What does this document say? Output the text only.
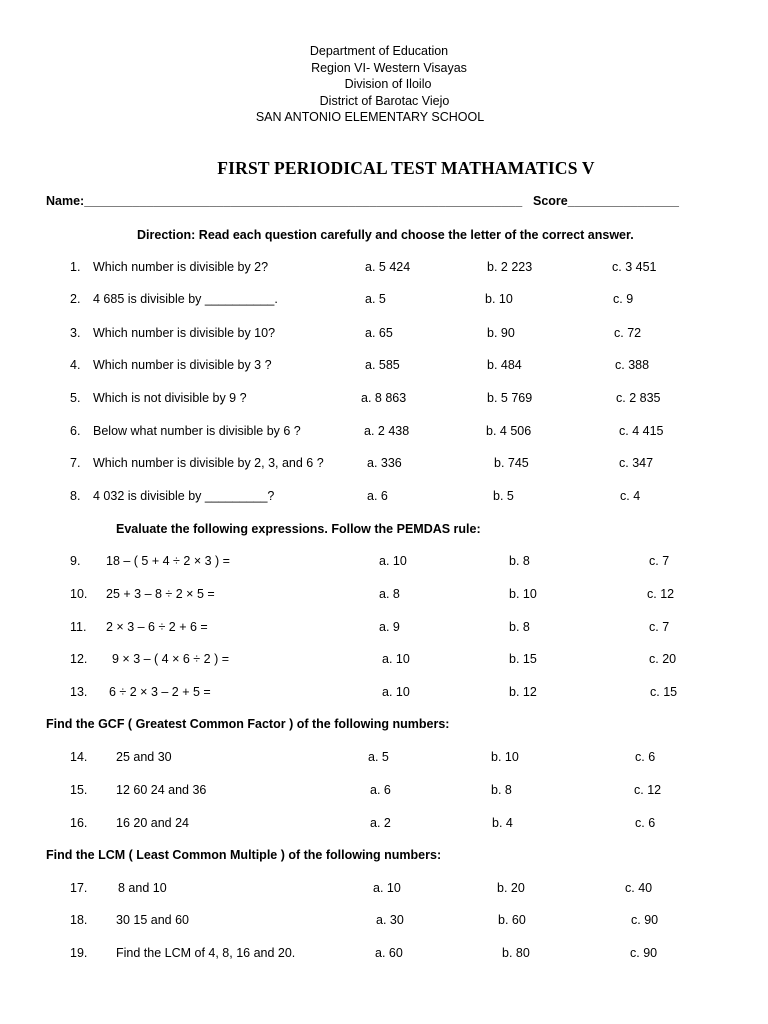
Department of Education
Region VI- Western Visayas
Division of Iloilo
District of Barotac Viejo
SAN ANTONIO ELEMENTARY SCHOOL
FIRST PERIODICAL TEST MATHAMATICS V
Name:_______________________________________________________________ Score________________
Direction: Read each question carefully and choose the letter of the correct answer.
Evaluate the following expressions. Follow the PEMDAS rule:
Find the GCF ( Greatest Common Factor ) of the following numbers:
Find the LCM ( Least Common Multiple ) of the following numbers:
1. Which number is divisible by 2?	a. 5 424	b. 2 223	c. 3 451
2. 4 685 is divisible by __________.	a. 5	b. 10	c. 9
3. Which number is divisible by 10?	a. 65	b. 90	c. 72
4. Which number is divisible by 3 ?	a. 585	b. 484	c. 388
5. Which is not divisible by 9 ?	a. 8 863	b. 5 769	c. 2 835
6. Below what number is divisible by 6 ?	a. 2 438	b. 4 506	c. 4 415
7. Which number is divisible by 2, 3, and 6 ?	a. 336	b. 745	c. 347
8. 4 032 is divisible by _________?	a. 6	b. 5	c. 4
9. 18 – ( 5 + 4 ÷ 2 × 3 ) =	a. 10	b. 8	c. 7
10. 25 + 3 – 8 ÷ 2 × 5 =	a. 8	b. 10	c. 12
11. 2 × 3 – 6 ÷ 2 + 6 =	a. 9	b. 8	c. 7
12. 9 × 3 – ( 4 × 6 ÷ 2 ) =	a. 10	b. 15	c. 20
13. 6 ÷ 2 × 3 – 2 + 5 =	a. 10	b. 12	c. 15
14. 25 and 30	a. 5	b. 10	c. 6
15. 12 60 24 and 36	a. 6	b. 8	c. 12
16. 16 20 and 24	a. 2	b. 4	c. 6
17. 8 and 10	a. 10	b. 20	c. 40
18. 30 15 and 60	a. 30	b. 60	c. 90
19. Find the LCM of 4, 8, 16 and 20.	a. 60	b. 80	c. 90
